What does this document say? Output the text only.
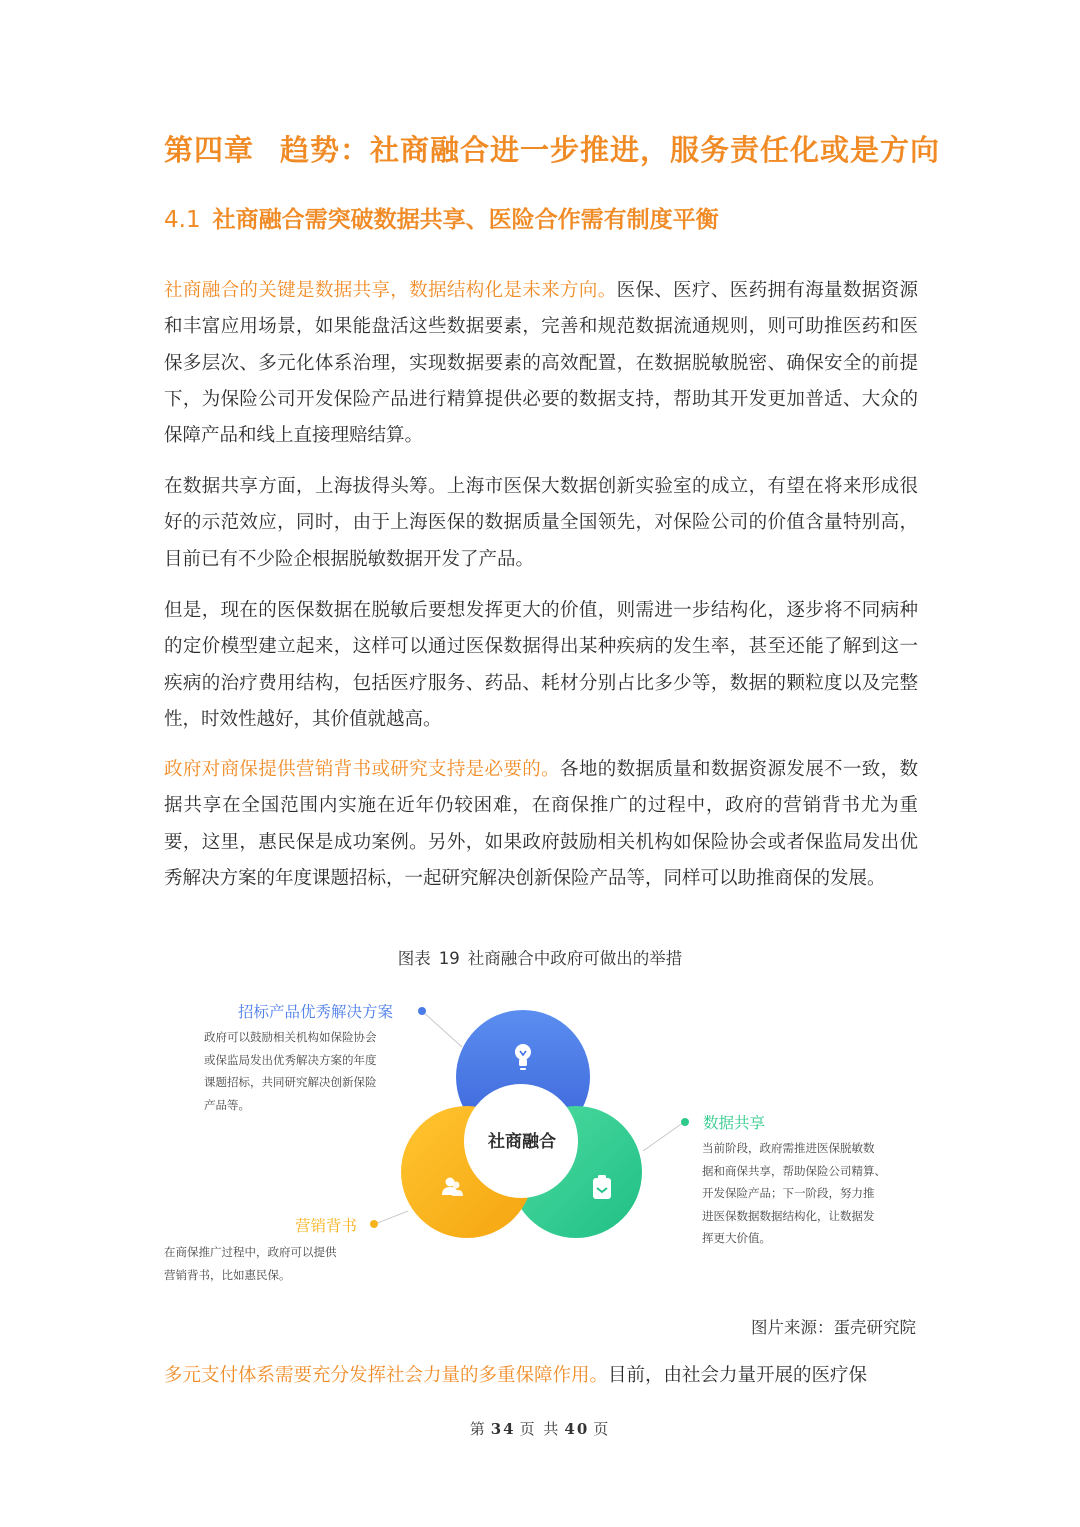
第四章 趋势：社商融合进一步推进，服务责任化或是方向
4.1 社商融合需突破数据共享、医险合作需有制度平衡

社商融合的关键是数据共享，数据结构化是未来方向。医保、医疗、医药拥有海量数据资源和丰富应用场景，如果能盘活这些数据要素，完善和规范数据流通规则，则可助推医药和医保多层次、多元化体系治理，实现数据要素的高效配置，在数据脱敏脱密、确保安全的前提下，为保险公司开发保险产品进行精算提供必要的数据支持，帮助其开发更加普适、大众的保障产品和线上直接理赔结算。

在数据共享方面，上海拔得头筹。上海市医保大数据创新实验室的成立，有望在将来形成很好的示范效应，同时，由于上海医保的数据质量全国领先，对保险公司的价值含量特别高，目前已有不少险企根据脱敏数据开发了产品。

但是，现在的医保数据在脱敏后要想发挥更大的价值，则需进一步结构化，逐步将不同病种的定价模型建立起来，这样可以通过医保数据得出某种疾病的发生率，甚至还能了解到这一疾病的治疗费用结构，包括医疗服务、药品、耗材分别占比多少等，数据的颗粒度以及完整性，时效性越好，其价值就越高。

政府对商保提供营销背书或研究支持是必要的。各地的数据质量和数据资源发展不一致，数据共享在全国范围内实施在近年仍较困难，在商保推广的过程中，政府的营销背书尤为重要，这里，惠民保是成功案例。另外，如果政府鼓励相关机构如保险协会或者保监局发出优秀解决方案的年度课题招标，一起研究解决创新保险产品等，同样可以助推商保的发展。

图表 19 社商融合中政府可做出的举措
社商融合
招标产品优秀解决方案
政府可以鼓励相关机构如保险协会
或保监局发出优秀解决方案的年度
课题招标，共同研究解决创新保险
产品等。
数据共享
当前阶段，政府需推进医保脱敏数
据和商保共享，帮助保险公司精算、
开发保险产品；下一阶段，努力推
进医保数据数据结构化，让数据发
挥更大价值。
营销背书
在商保推广过程中，政府可以提供
营销背书，比如惠民保。
图片来源：蛋壳研究院

多元支付体系需要充分发挥社会力量的多重保障作用。目前，由社会力量开展的医疗保

第 34 页 共 40 页
